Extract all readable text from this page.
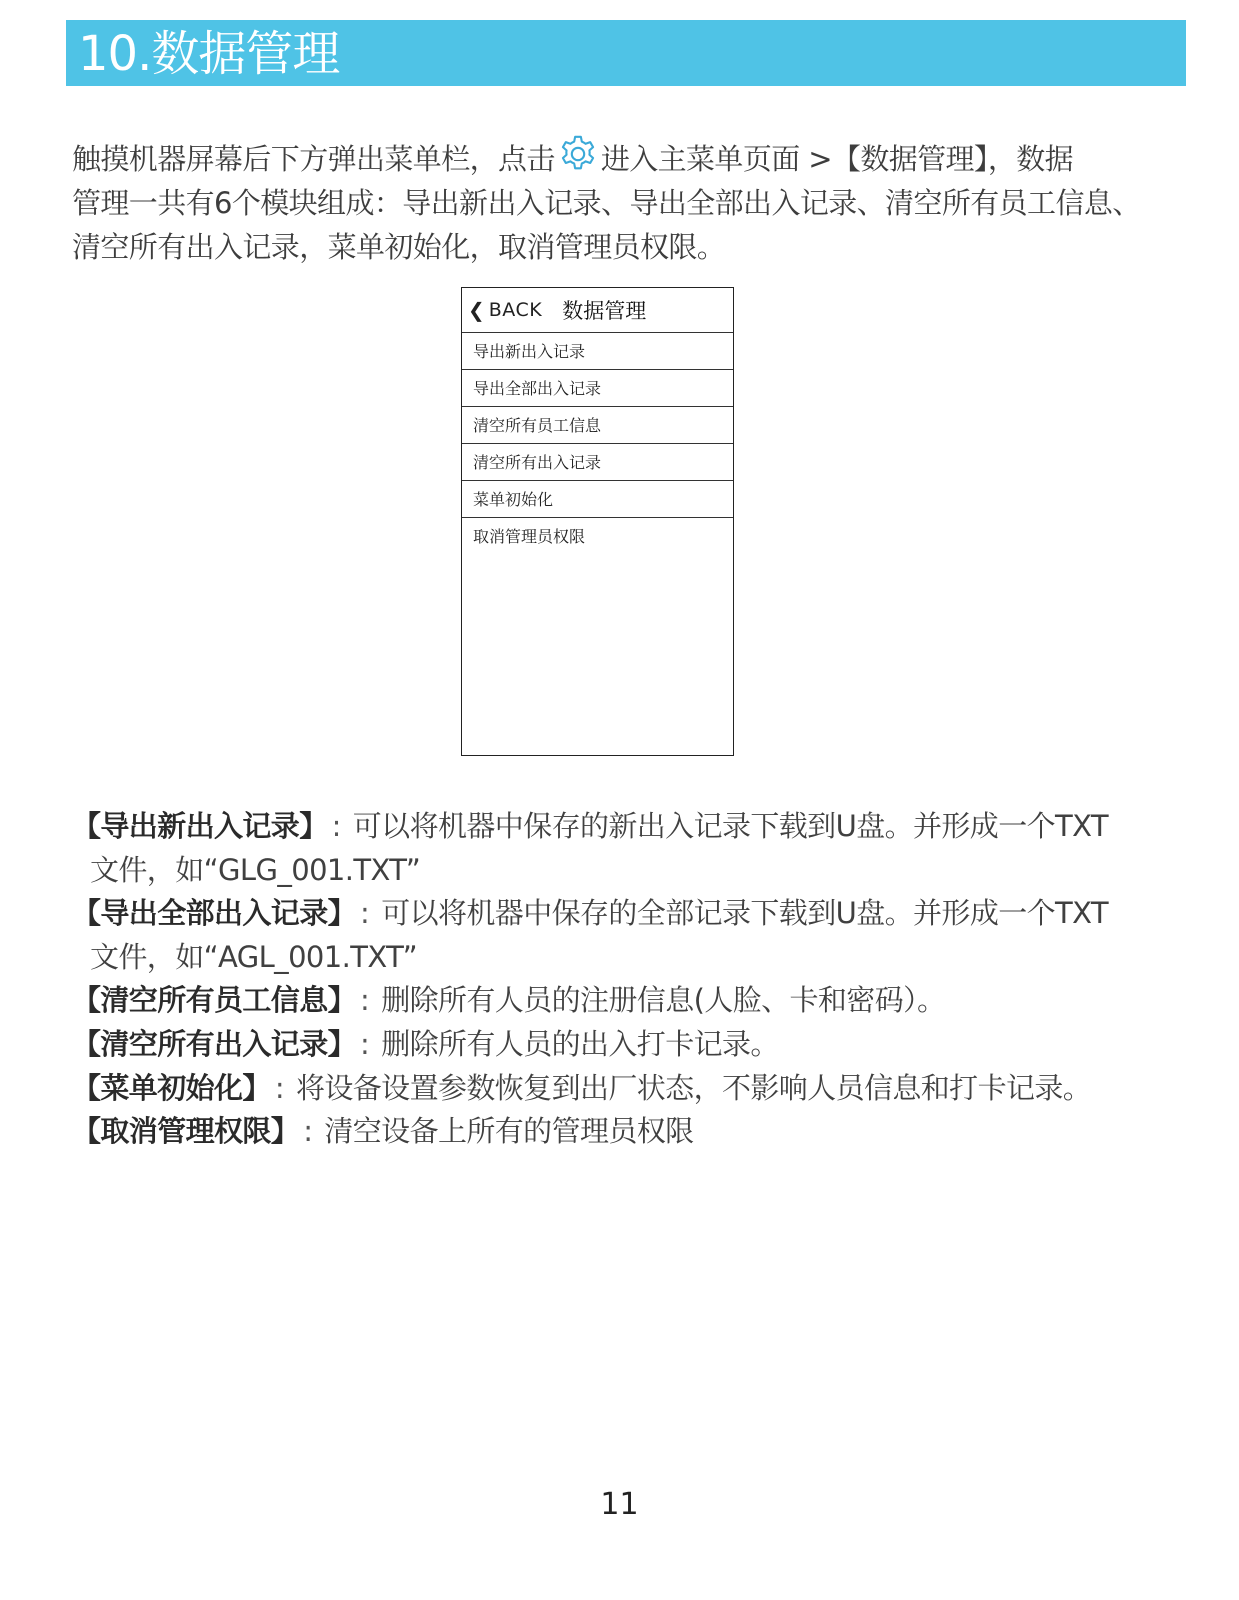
10.数据管理

触摸机器屏幕后下方弹出菜单栏，点击 进入主菜单页面 >【数据管理】，数据

管理一共有6个模块组成：导出新出入记录、导出全部出入记录、清空所有员工信息、

清空所有出入记录，菜单初始化，取消管理员权限。

❮ BACK 数据管理
导出新出入记录
导出全部出入记录
清空所有员工信息
清空所有出入记录
菜单初始化
取消管理员权限

【导出新出入记录】 : 可以将机器中保存的新出入记录下载到U盘。并形成一个TXT

文件，如“GLG_001.TXT”

【导出全部出入记录】 : 可以将机器中保存的全部记录下载到U盘。并形成一个TXT

文件，如“AGL_001.TXT”

【清空所有员工信息】 : 删除所有人员的注册信息(人脸、卡和密码）。

【清空所有出入记录】 : 删除所有人员的出入打卡记录。

【菜单初始化】 : 将设备设置参数恢复到出厂状态，不影响人员信息和打卡记录。

【取消管理权限】 : 清空设备上所有的管理员权限

11
